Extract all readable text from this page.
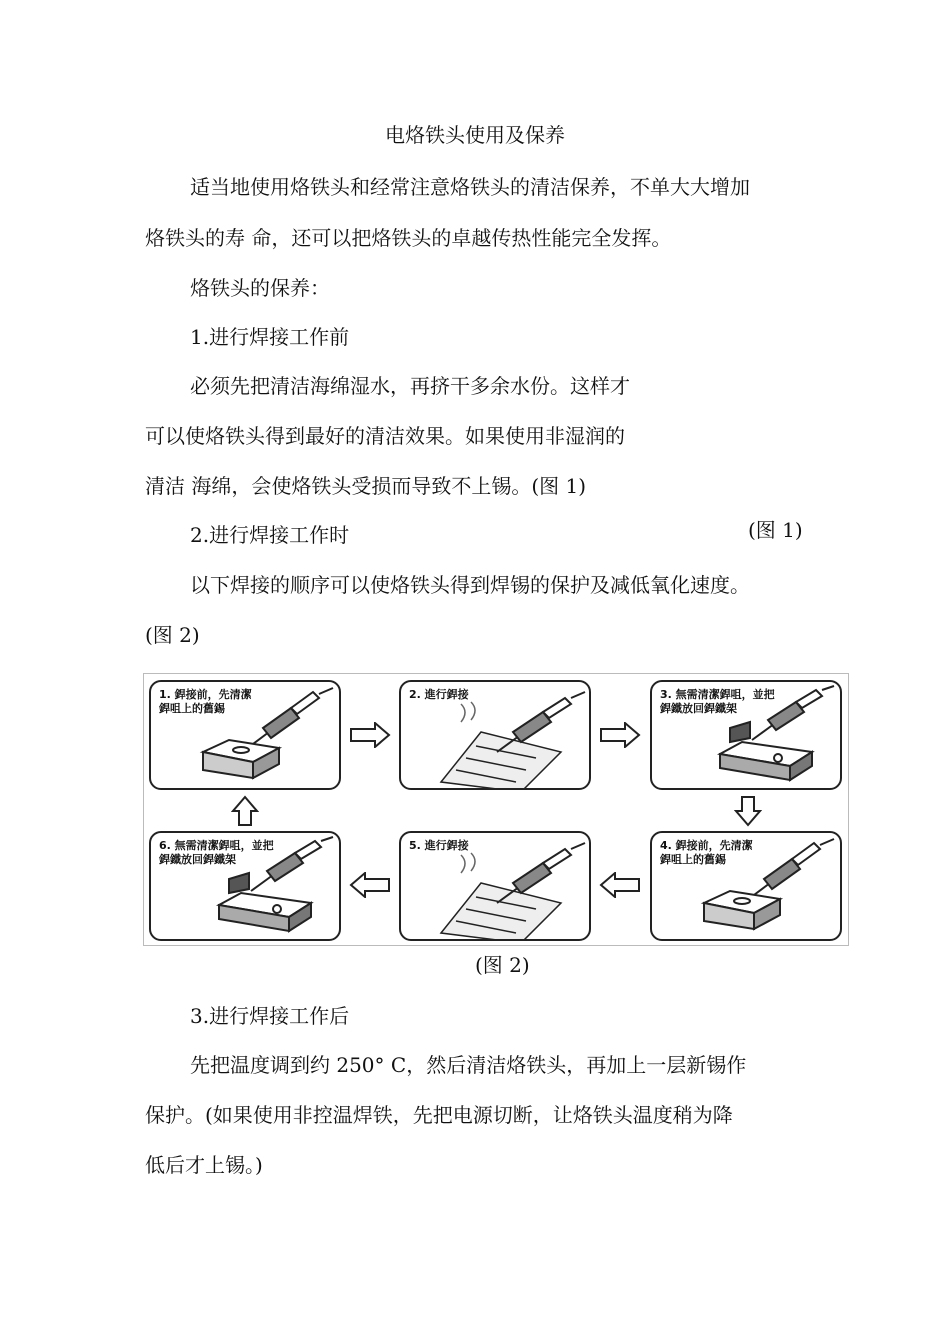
电烙铁头使用及保养
适当地使用烙铁头和经常注意烙铁头的清洁保养，不单大大增加
烙铁头的寿 命，还可以把烙铁头的卓越传热性能完全发挥。
烙铁头的保养：
1.进行焊接工作前
必须先把清洁海绵湿水，再挤干多余水份。这样才
可以使烙铁头得到最好的清洁效果。如果使用非湿润的
清洁 海绵，会使烙铁头受损而导致不上锡。(图 1)
(图 1)
2.进行焊接工作时
以下焊接的顺序可以使烙铁头得到焊锡的保护及减低氧化速度。
(图 2)
1. 銲接前，先清潔
銲咀上的舊錫
2. 進行銲接	3. 無需清潔銲咀，並把
銲鐵放回銲鐵架
6. 無需清潔銲咀，並把
銲鐵放回銲鐵架
5. 進行銲接	4. 銲接前，先清潔
銲咀上的舊錫
(图 2)
3.进行焊接工作后
先把温度调到约 250° C，然后清洁烙铁头，再加上一层新锡作
保护。(如果使用非控温焊铁，先把电源切断，让烙铁头温度稍为降
低后才上锡。)
